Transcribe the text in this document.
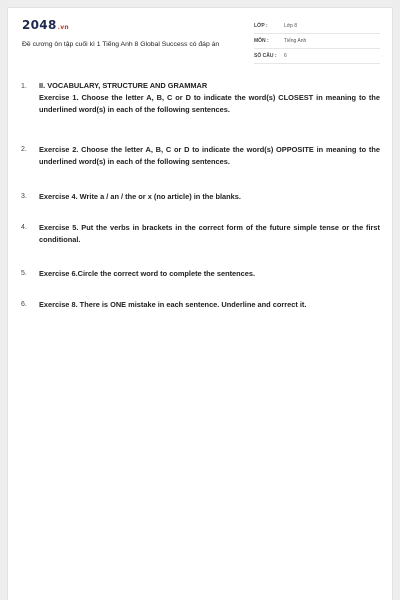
2048.vn
Đề cương ôn tập cuối kì 1 Tiếng Anh 8 Global Success có đáp án
LỚP :	Lớp 8
MÔN :	Tiếng Anh
SỐ CÂU :	6
1. II. VOCABULARY, STRUCTURE AND GRAMMAR
Exercise 1. Choose the letter A, B, C or D to indicate the word(s) CLOSEST in meaning to the underlined word(s) in each of the following sentences.
2. Exercise 2. Choose the letter A, B, C or D to indicate the word(s) OPPOSITE in meaning to the underlined word(s) in each of the following sentences.
3. Exercise 4. Write a / an / the or x (no article) in the blanks.
4. Exercise 5. Put the verbs in brackets in the correct form of the future simple tense or the first conditional.
5. Exercise 6.Circle the correct word to complete the sentences.
6. Exercise 8. There is ONE mistake in each sentence. Underline and correct it.
